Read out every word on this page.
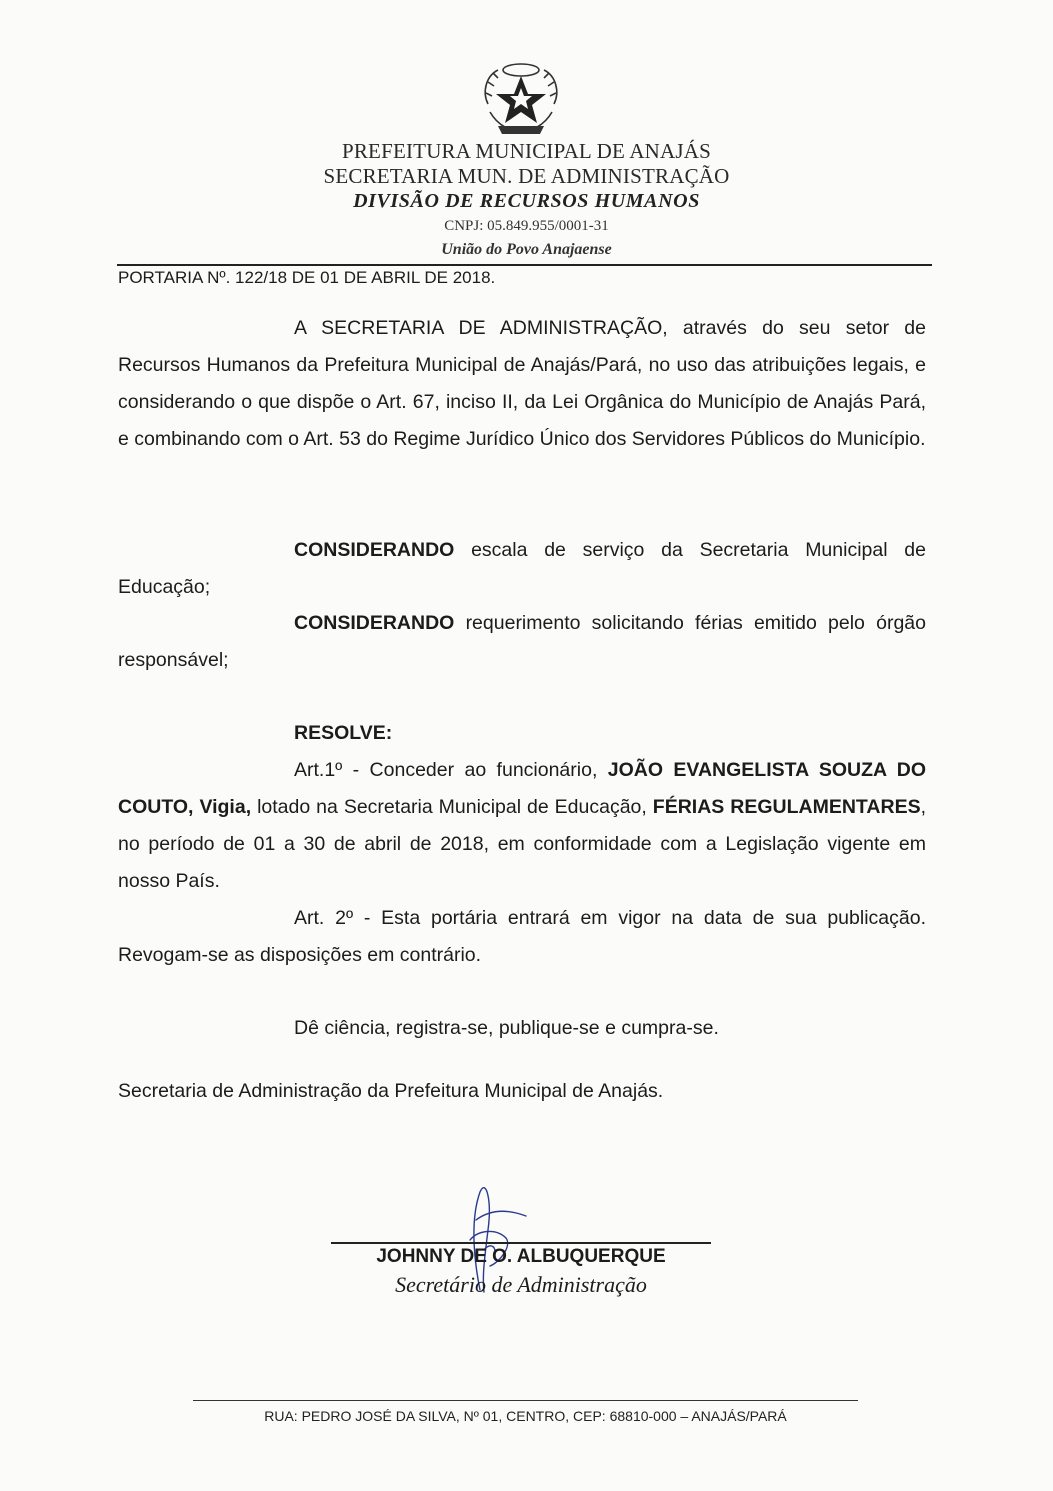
PREFEITURA MUNICIPAL DE ANAJÁS
SECRETARIA MUN. DE ADMINISTRAÇÃO
DIVISÃO DE RECURSOS HUMANOS
CNPJ: 05.849.955/0001-31
União do Povo Anajaense
PORTARIA Nº. 122/18 DE 01 DE ABRIL DE 2018.
A SECRETARIA DE ADMINISTRAÇÃO, através do seu setor de Recursos Humanos da Prefeitura Municipal de Anajás/Pará, no uso das atribuições legais, e considerando o que dispõe o Art. 67, inciso II, da Lei Orgânica do Município de Anajás Pará, e combinando com o Art. 53 do Regime Jurídico Único dos Servidores Públicos do Município.
CONSIDERANDO escala de serviço da Secretaria Municipal de Educação;
CONSIDERANDO requerimento solicitando férias emitido pelo órgão responsável;
RESOLVE:
Art.1º - Conceder ao funcionário, JOÃO EVANGELISTA SOUZA DO COUTO, Vigia, lotado na Secretaria Municipal de Educação, FÉRIAS REGULAMENTARES, no período de 01 a 30 de abril de 2018, em conformidade com a Legislação vigente em nosso País.
Art. 2º - Esta portária entrará em vigor na data de sua publicação. Revogam-se as disposições em contrário.
Dê ciência, registra-se, publique-se e cumpra-se.
Secretaria de Administração da Prefeitura Municipal de Anajás.
JOHNNY DE O. ALBUQUERQUE
Secretário de Administração
RUA: PEDRO JOSÉ DA SILVA, Nº 01, CENTRO, CEP: 68810-000 – ANAJÁS/PARÁ
